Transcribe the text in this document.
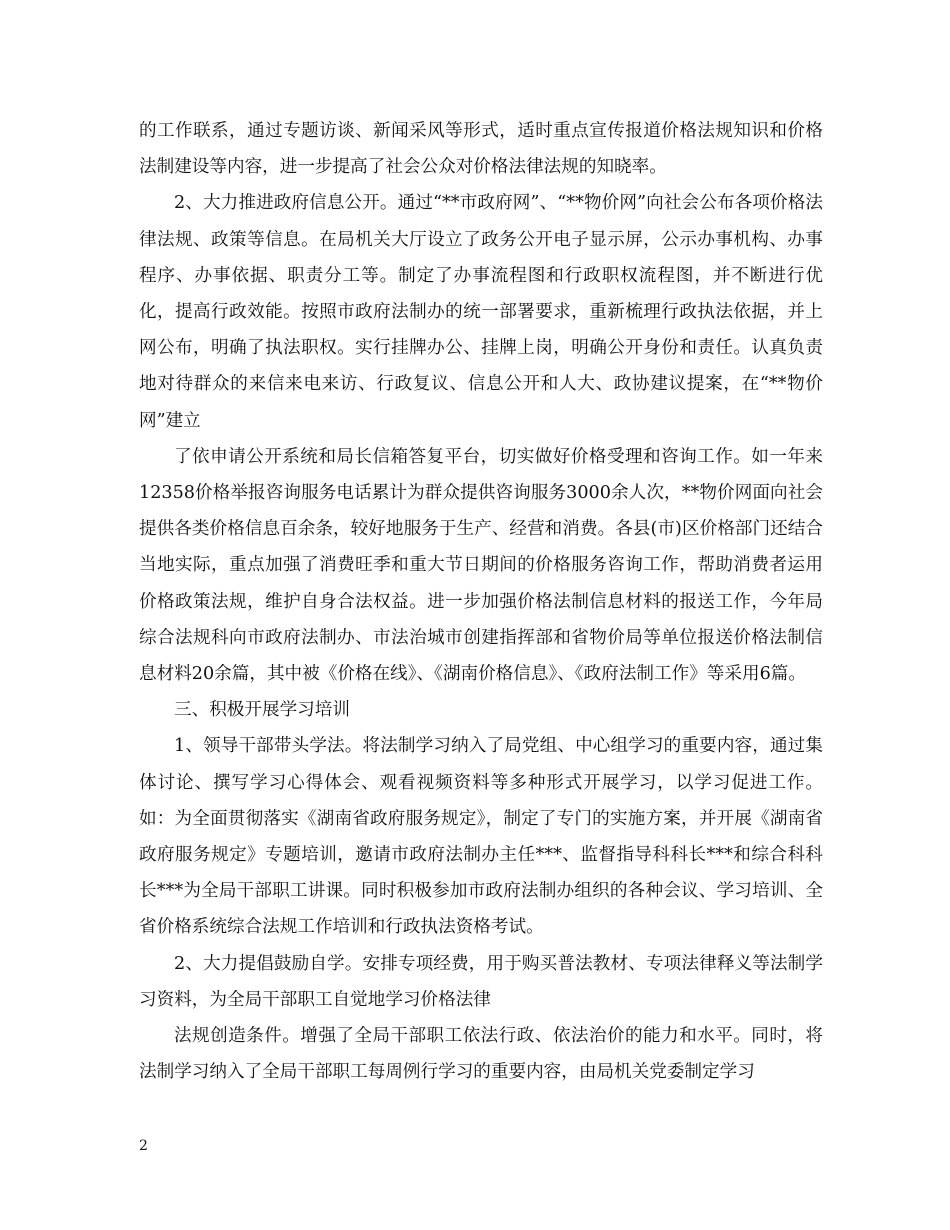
的工作联系，通过专题访谈、新闻采风等形式，适时重点宣传报道价格法规知识和价格法制建设等内容，进一步提高了社会公众对价格法律法规的知晓率。

2、大力推进政府信息公开。通过“**市政府网”、“**物价网”向社会公布各项价格法律法规、政策等信息。在局机关大厅设立了政务公开电子显示屏，公示办事机构、办事程序、办事依据、职责分工等。制定了办事流程图和行政职权流程图，并不断进行优化，提高行政效能。按照市政府法制办的统一部署要求，重新梳理行政执法依据，并上网公布，明确了执法职权。实行挂牌办公、挂牌上岗，明确公开身份和责任。认真负责地对待群众的来信来电来访、行政复议、信息公开和人大、政协建议提案，在“**物价网”建立

了依申请公开系统和局长信箱答复平台，切实做好价格受理和咨询工作。如一年来12358价格举报咨询服务电话累计为群众提供咨询服务3000余人次，**物价网面向社会提供各类价格信息百余条，较好地服务于生产、经营和消费。各县(市)区价格部门还结合当地实际，重点加强了消费旺季和重大节日期间的价格服务咨询工作，帮助消费者运用价格政策法规，维护自身合法权益。进一步加强价格法制信息材料的报送工作，今年局综合法规科向市政府法制办、市法治城市创建指挥部和省物价局等单位报送价格法制信息材料20余篇，其中被《价格在线》、《湖南价格信息》、《政府法制工作》等采用6篇。

三、积极开展学习培训

1、领导干部带头学法。将法制学习纳入了局党组、中心组学习的重要内容，通过集体讨论、撰写学习心得体会、观看视频资料等多种形式开展学习，以学习促进工作。如：为全面贯彻落实《湖南省政府服务规定》，制定了专门的实施方案，并开展《湖南省政府服务规定》专题培训，邀请市政府法制办主任***、监督指导科科长***和综合科科长***为全局干部职工讲课。同时积极参加市政府法制办组织的各种会议、学习培训、全省价格系统综合法规工作培训和行政执法资格考试。

2、大力提倡鼓励自学。安排专项经费，用于购买普法教材、专项法律释义等法制学习资料，为全局干部职工自觉地学习价格法律

法规创造条件。增强了全局干部职工依法行政、依法治价的能力和水平。同时，将法制学习纳入了全局干部职工每周例行学习的重要内容，由局机关党委制定学习

2
